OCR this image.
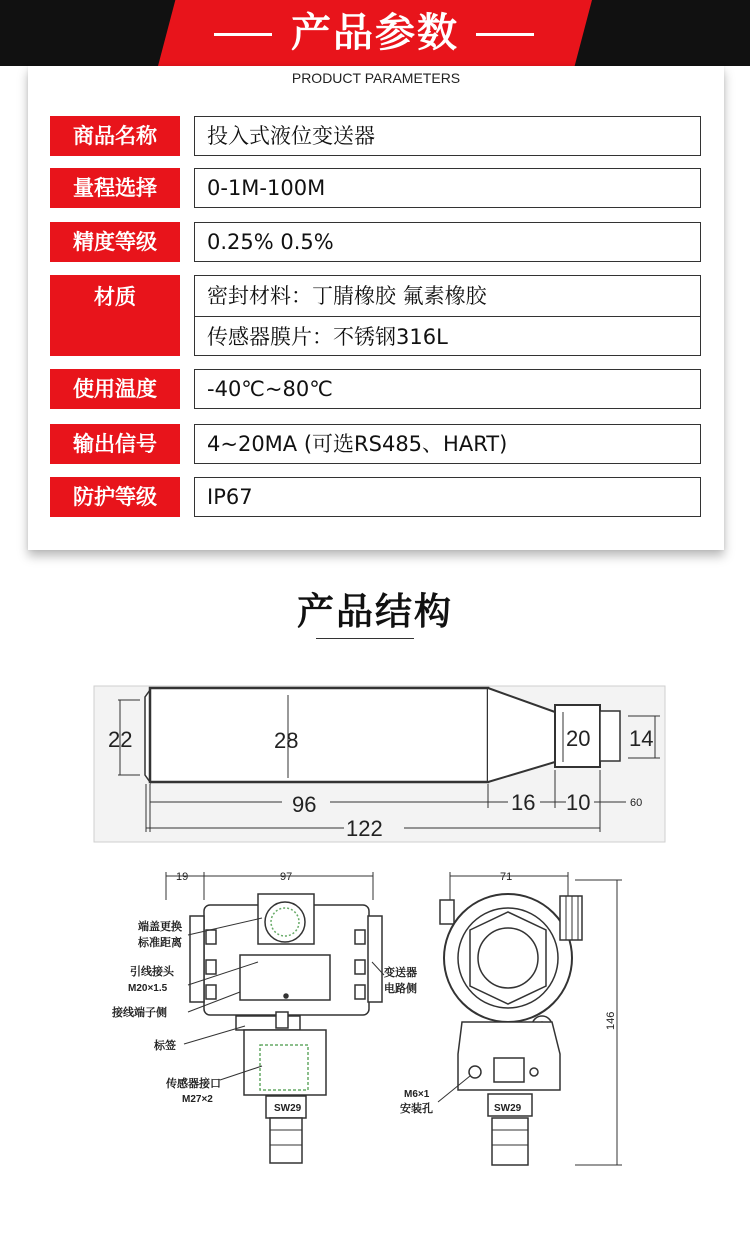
产品参数
PRODUCT PARAMETERS
商品名称	投入式液位变送器
量程选择	0-1M-100M
精度等级	0.25% 0.5%
材质	密封材料：丁腈橡胶 氟素橡胶
传感器膜片：不锈钢316L
使用温度	-40℃~80℃
输出信号	4~20MA (可选RS485、HART)
防护等级	IP67
产品结构
22	28	20 14
96	16 10	60
122
19	97
端盖更换
标准距离
引线接头
M20×1.5
接线端子侧
标签
传感器接口
M27×2
变送器
电路侧
SW29
71
146
M6×1
安装孔	SW29
